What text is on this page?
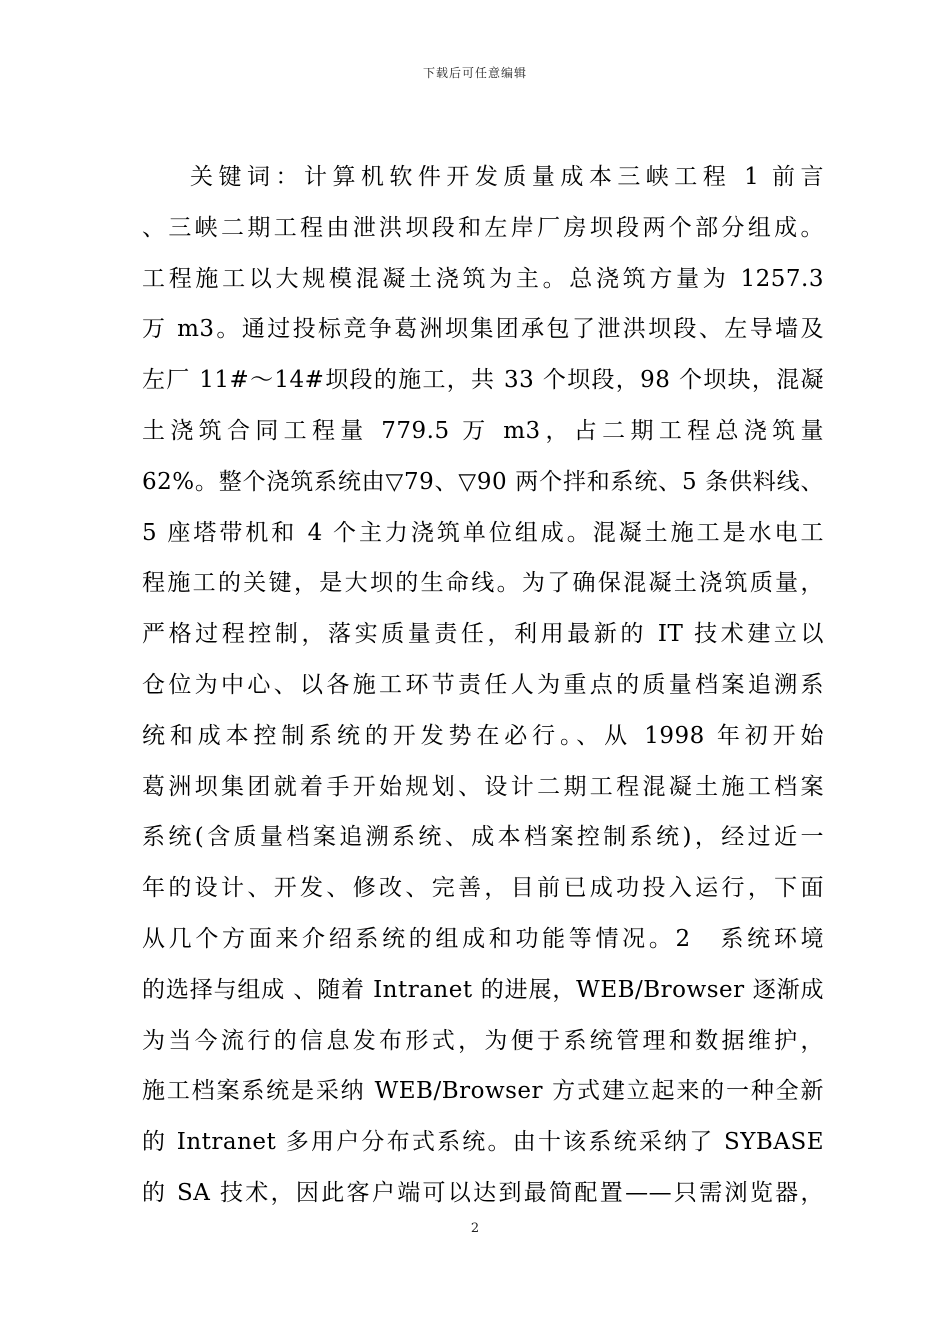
下载后可任意编辑
关键词：计算机软件开发质量成本三峡工程 1 前言
、三峡二期工程由泄洪坝段和左岸厂房坝段两个部分组成。
工程施工以大规模混凝土浇筑为主。总浇筑方量为 1257.3
万 m3。通过投标竞争葛洲坝集团承包了泄洪坝段、左导墙及
左厂 11#～14#坝段的施工，共 33 个坝段，98 个坝块，混凝
土浇筑合同工程量 779.5 万 m3，占二期工程总浇筑量
62%。整个浇筑系统由▽79、▽90 两个拌和系统、5 条供料线、
5 座塔带机和 4 个主力浇筑单位组成。混凝土施工是水电工
程施工的关键，是大坝的生命线。为了确保混凝土浇筑质量，
严格过程控制，落实质量责任，利用最新的 IT 技术建立以
仓位为中心、以各施工环节责任人为重点的质量档案追溯系
统和成本控制系统的开发势在必行。、从 1998 年初开始
葛洲坝集团就着手开始规划、设计二期工程混凝土施工档案
系统(含质量档案追溯系统、成本档案控制系统)，经过近一
年的设计、开发、修改、完善，目前已成功投入运行，下面
从几个方面来介绍系统的组成和功能等情况。2　系统环境
的选择与组成 、随着 Intranet 的进展，WEB/Browser 逐渐成
为当今流行的信息发布形式，为便于系统管理和数据维护，
施工档案系统是采纳 WEB/Browser 方式建立起来的一种全新
的 Intranet 多用户分布式系统。由十该系统采纳了 SYBASE
的 SA 技术，因此客户端可以达到最简配置——只需浏览器，
2
